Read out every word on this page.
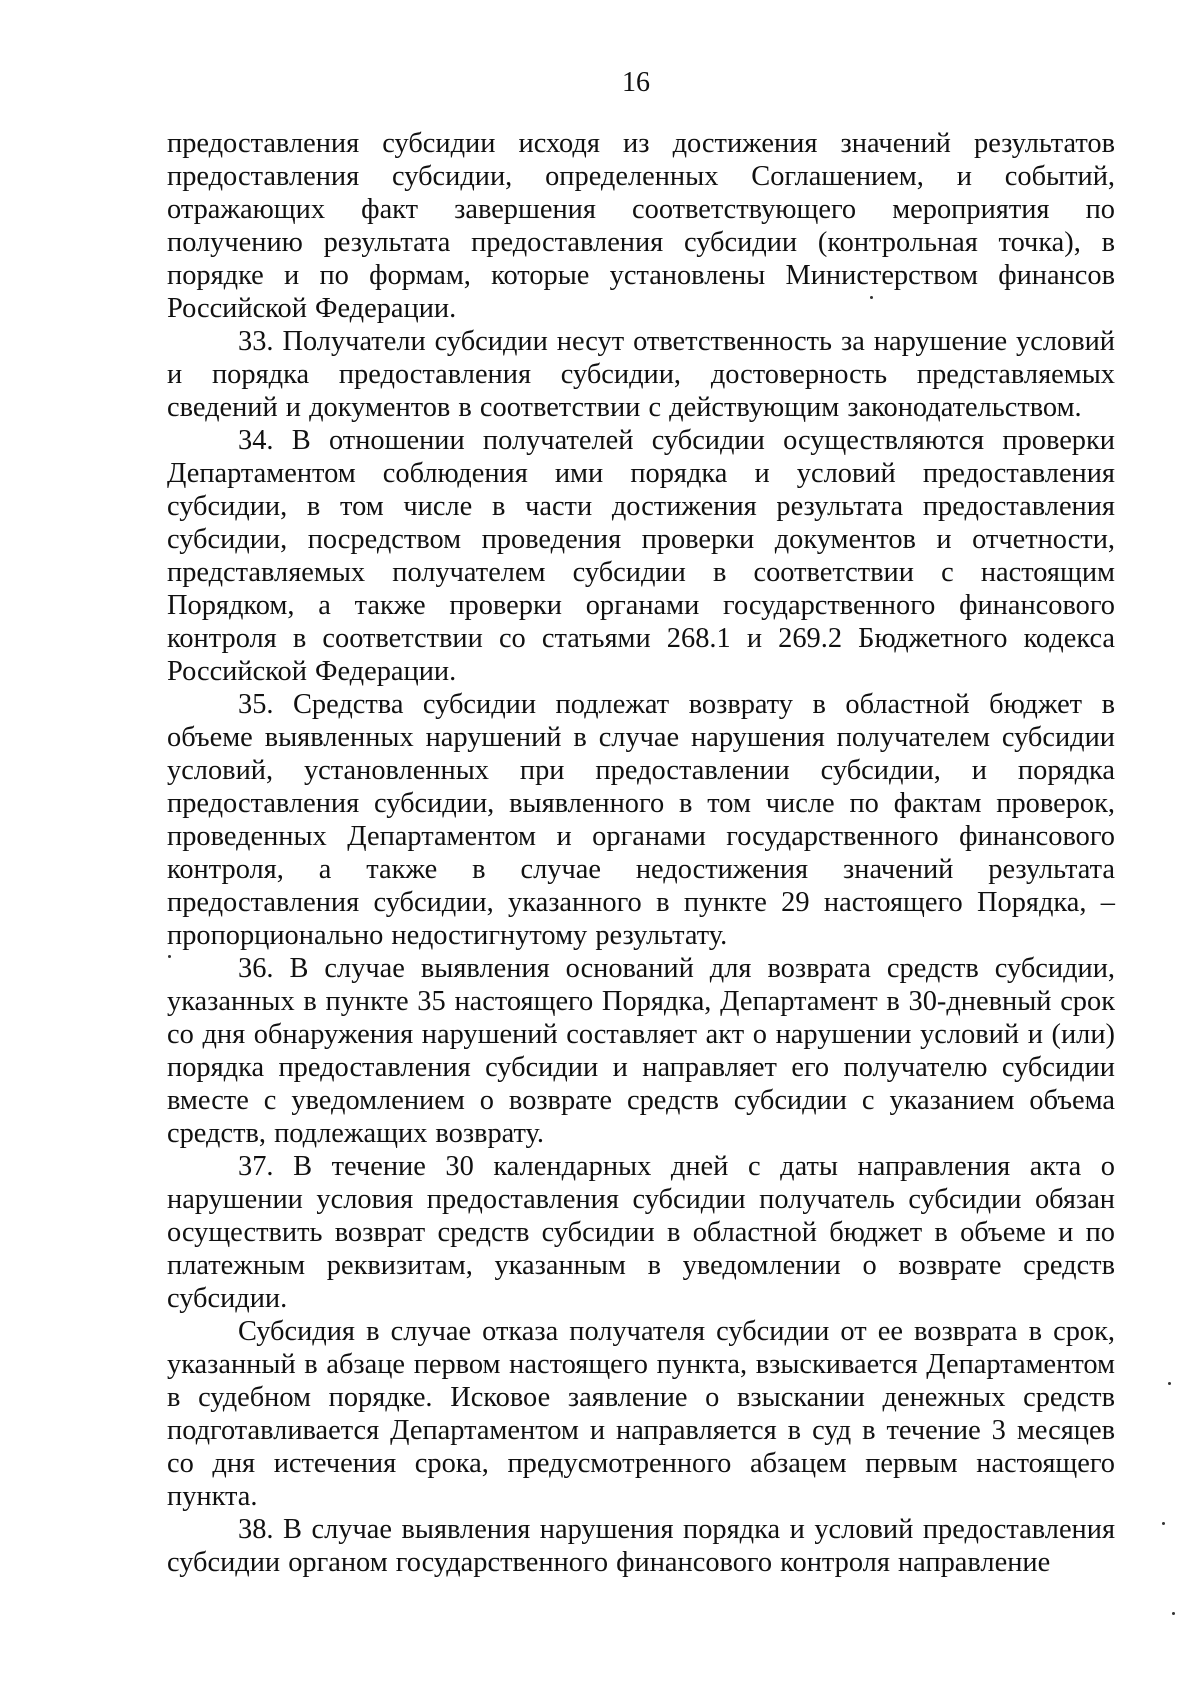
16

предоставления субсидии исходя из достижения значений результатов предоставления субсидии, определенных Соглашением, и событий, отражающих факт завершения соответствующего мероприятия по получению результата предоставления субсидии (контрольная точка), в порядке и по формам, которые установлены Министерством финансов Российской Федерации.

33. Получатели субсидии несут ответственность за нарушение условий и порядка предоставления субсидии, достоверность представляемых сведений и документов в соответствии с действующим законодательством.

34. В отношении получателей субсидии осуществляются проверки Департаментом соблюдения ими порядка и условий предоставления субсидии, в том числе в части достижения результата предоставления субсидии, посредством проведения проверки документов и отчетности, представляемых получателем субсидии в соответствии с настоящим Порядком, а также проверки органами государственного финансового контроля в соответствии со статьями 268.1 и 269.2 Бюджетного кодекса Российской Федерации.

35. Средства субсидии подлежат возврату в областной бюджет в объеме выявленных нарушений в случае нарушения получателем субсидии условий, установленных при предоставлении субсидии, и порядка предоставления субсидии, выявленного в том числе по фактам проверок, проведенных Департаментом и органами государственного финансового контроля, а также в случае недостижения значений результата предоставления субсидии, указанного в пункте 29 настоящего Порядка, – пропорционально недостигнутому результату.

36. В случае выявления оснований для возврата средств субсидии, указанных в пункте 35 настоящего Порядка, Департамент в 30-дневный срок со дня обнаружения нарушений составляет акт о нарушении условий и (или) порядка предоставления субсидии и направляет его получателю субсидии вместе с уведомлением о возврате средств субсидии с указанием объема средств, подлежащих возврату.

37. В течение 30 календарных дней с даты направления акта о нарушении условия предоставления субсидии получатель субсидии обязан осуществить возврат средств субсидии в областной бюджет в объеме и по платежным реквизитам, указанным в уведомлении о возврате средств субсидии.

Субсидия в случае отказа получателя субсидии от ее возврата в срок, указанный в абзаце первом настоящего пункта, взыскивается Департаментом в судебном порядке. Исковое заявление о взыскании денежных средств подготавливается Департаментом и направляется в суд в течение 3 месяцев со дня истечения срока, предусмотренного абзацем первым настоящего пункта.

38. В случае выявления нарушения порядка и условий предоставления субсидии органом государственного финансового контроля направление
